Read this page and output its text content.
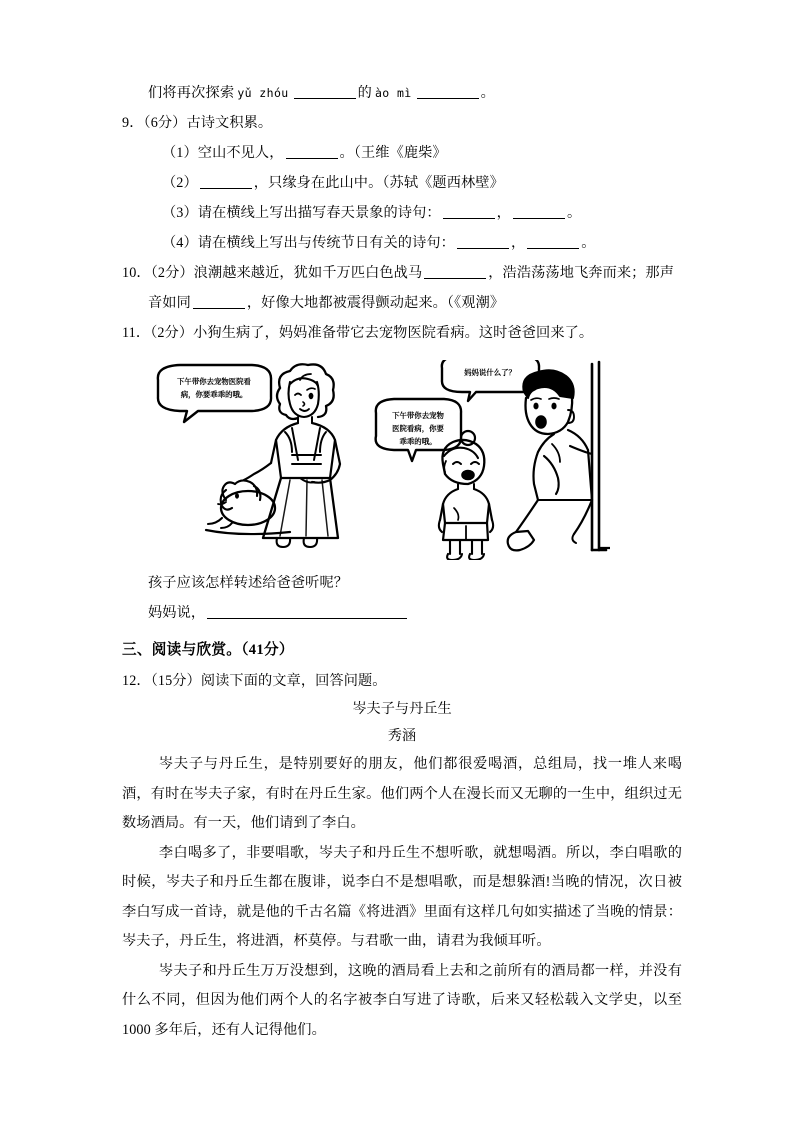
们将再次探索 yǔ zhóu	的 ào mì	。
9．（6分）古诗文积累。
（1）空山不见人，	。（王维《鹿柴》
（2）	，只缘身在此山中。（苏轼《题西林壁》
（3）请在横线上写出描写春天景象的诗句：	，	。
（4）请在横线上写出与传统节日有关的诗句：	，	。
10．（2分）浪潮越来越近，犹如千万匹白色战马	，浩浩荡荡地飞奔而来；那声音如同	，好像大地都被震得颤动起来。（《观潮》
11．（2分）小狗生病了，妈妈准备带它去宠物医院看病。这时爸爸回来了。
下午带你去宠物医院看
病，你要乖乖的哦。
妈妈说什么了？
下午带你去宠物
医院看病，你要
乖乖的哦。
孩子应该怎样转述给爸爸听呢？
妈妈说，
三、阅读与欣赏。（41分）
12．（15分）阅读下面的文章，回答问题。
岑夫子与丹丘生
秀涵
岑夫子与丹丘生，是特别要好的朋友，他们都很爱喝酒，总组局，找一堆人来喝酒，有时在岑夫子家，有时在丹丘生家。他们两个人在漫长而又无聊的一生中，组织过无数场酒局。有一天，他们请到了李白。
李白喝多了，非要唱歌，岑夫子和丹丘生不想听歌，就想喝酒。所以，李白唱歌的时候，岑夫子和丹丘生都在腹诽，说李白不是想唱歌，而是想躲酒!当晚的情况，次日被李白写成一首诗，就是他的千古名篇《将进酒》里面有这样几句如实描述了当晚的情景：岑夫子，丹丘生，将进酒，杯莫停。与君歌一曲，请君为我倾耳听。
岑夫子和丹丘生万万没想到，这晚的酒局看上去和之前所有的酒局都一样，并没有什么不同，但因为他们两个人的名字被李白写进了诗歌，后来又轻松载入文学史，以至 1000 多年后，还有人记得他们。
